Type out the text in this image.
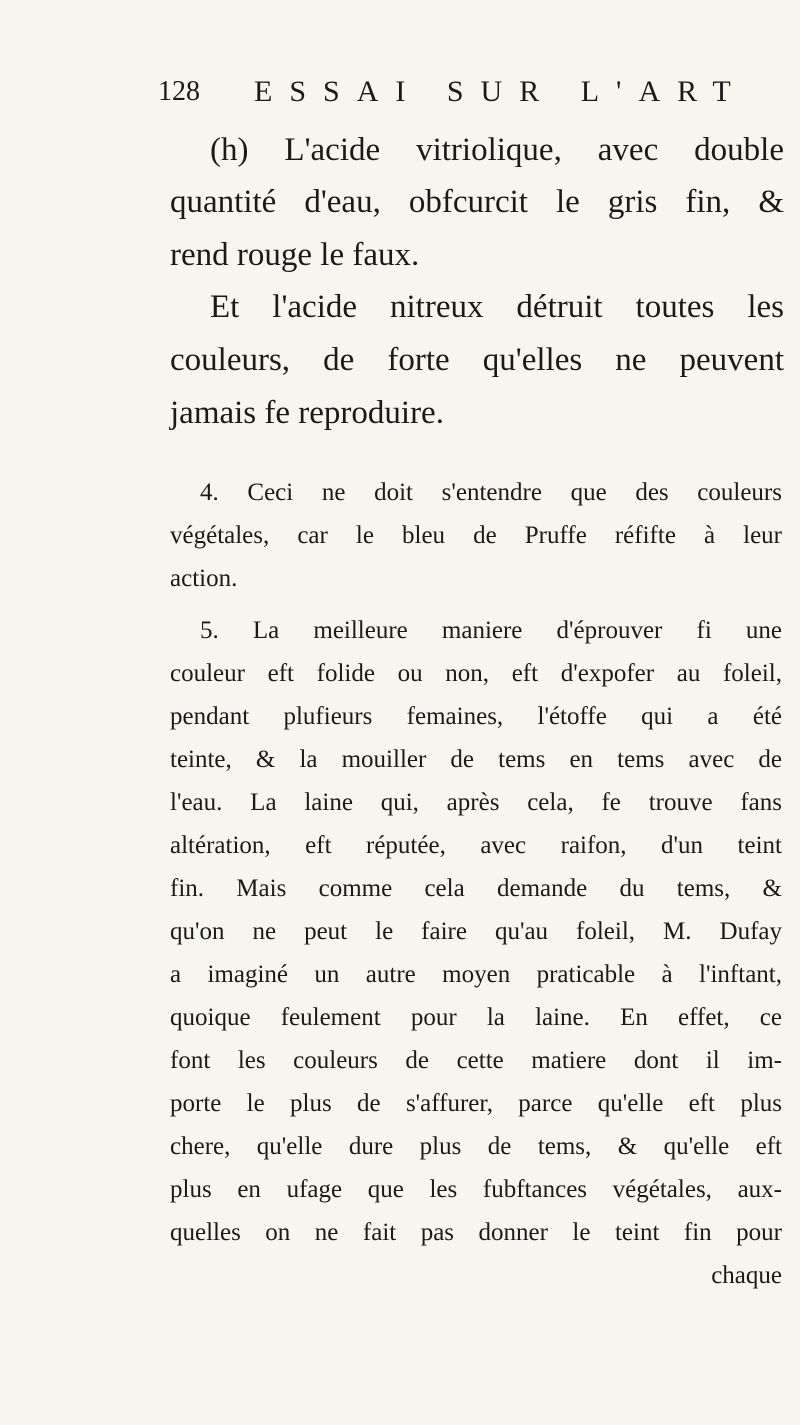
128 ESSAI SUR L'ART
(h) L'acide vitriolique, avec double
quantité d'eau, obfcurcit le gris fin, &
rend rouge le faux.
Et l'acide nitreux détruit toutes les
couleurs, de forte qu'elles ne peuvent
jamais fe reproduire.
4. Ceci ne doit s'entendre que des couleurs
végétales, car le bleu de Pruffe réfifte à leur
action.
5. La meilleure maniere d'éprouver fi une
couleur eft folide ou non, eft d'expofer au foleil,
pendant plufieurs femaines, l'étoffe qui a été
teinte, & la mouiller de tems en tems avec de
l'eau. La laine qui, après cela, fe trouve fans
altération, eft réputée, avec raifon, d'un teint
fin. Mais comme cela demande du tems, &
qu'on ne peut le faire qu'au foleil, M. Dufay
a imaginé un autre moyen praticable à l'inftant,
quoique feulement pour la laine. En effet, ce
font les couleurs de cette matiere dont il im-
porte le plus de s'affurer, parce qu'elle eft plus
chere, qu'elle dure plus de tems, & qu'elle eft
plus en ufage que les fubftances végétales, aux-
quelles on ne fait pas donner le teint fin pour
chaque
